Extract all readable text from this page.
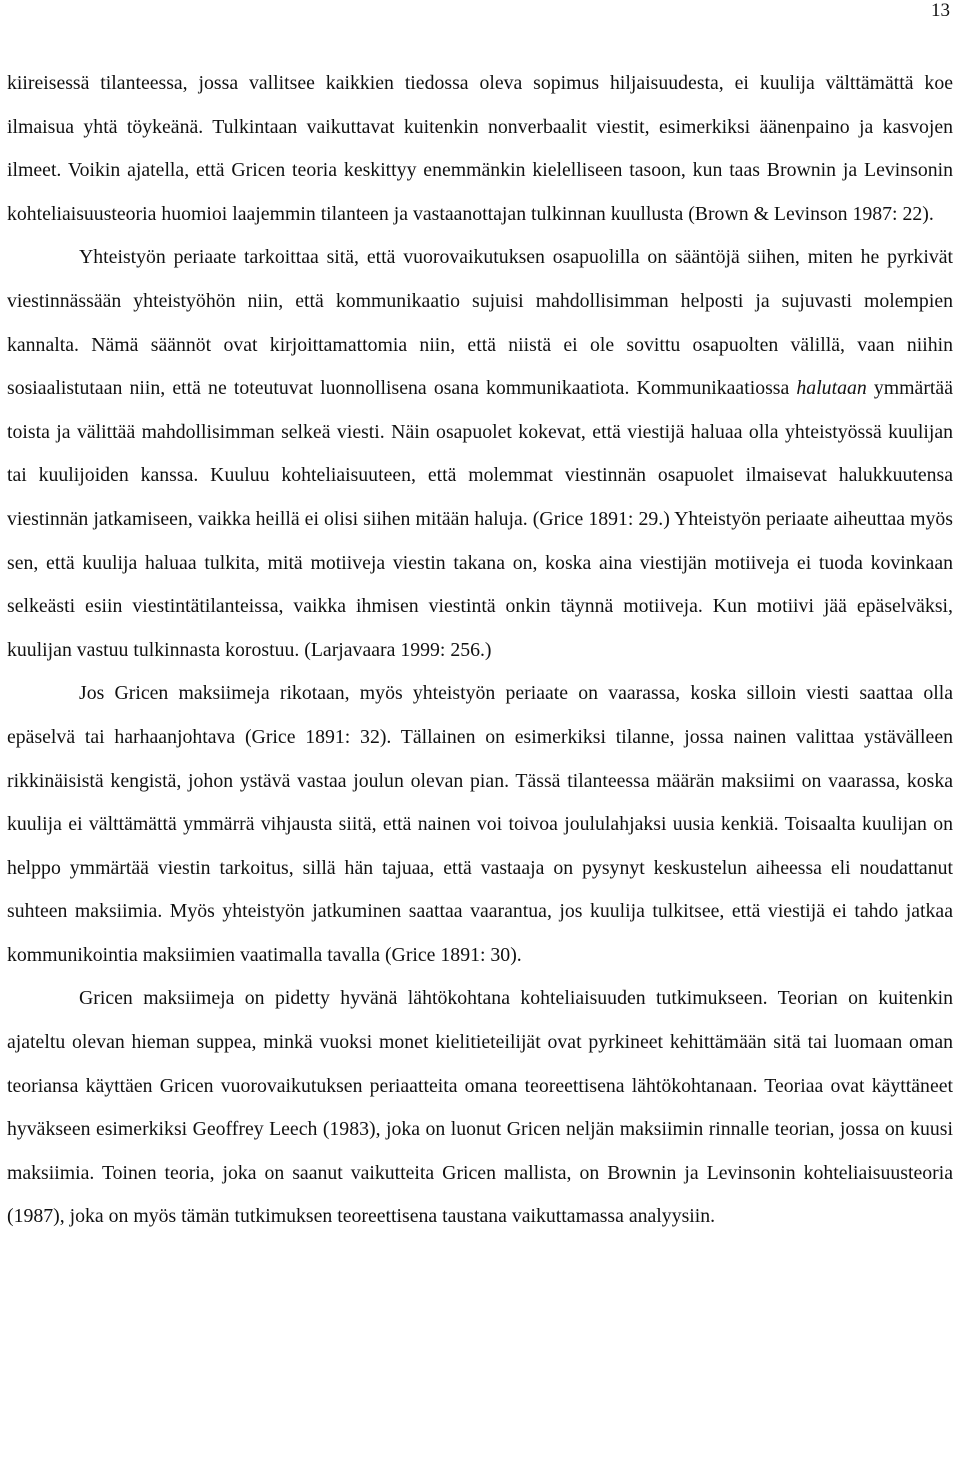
13

kiireisessä tilanteessa, jossa vallitsee kaikkien tiedossa oleva sopimus hiljaisuudesta, ei kuulija välttämättä koe ilmaisua yhtä töykeänä. Tulkintaan vaikuttavat kuitenkin nonverbaalit viestit, esimerkiksi äänenpaino ja kasvojen ilmeet. Voikin ajatella, että Gricen teoria keskittyy enemmänkin kielelliseen tasoon, kun taas Brownin ja Levinsonin kohteliaisuusteoria huomioi laajemmin tilanteen ja vastaanottajan tulkinnan kuullusta (Brown & Levinson 1987: 22).

Yhteistyön periaate tarkoittaa sitä, että vuorovaikutuksen osapuolilla on sääntöjä siihen, miten he pyrkivät viestinnässään yhteistyöhön niin, että kommunikaatio sujuisi mahdollisimman helposti ja sujuvasti molempien kannalta. Nämä säännöt ovat kirjoittamattomia niin, että niistä ei ole sovittu osapuolten välillä, vaan niihin sosiaalistutaan niin, että ne toteutuvat luonnollisena osana kommunikaatiota. Kommunikaatiossa halutaan ymmärtää toista ja välittää mahdollisimman selkeä viesti. Näin osapuolet kokevat, että viestijä haluaa olla yhteistyössä kuulijan tai kuulijoiden kanssa. Kuuluu kohteliaisuuteen, että molemmat viestinnän osapuolet ilmaisevat halukkuutensa viestinnän jatkamiseen, vaikka heillä ei olisi siihen mitään haluja. (Grice 1891: 29.) Yhteistyön periaate aiheuttaa myös sen, että kuulija haluaa tulkita, mitä motiiveja viestin takana on, koska aina viestijän motiiveja ei tuoda kovinkaan selkeästi esiin viestintätilanteissa, vaikka ihmisen viestintä onkin täynnä motiiveja. Kun motiivi jää epäselväksi, kuulijan vastuu tulkinnasta korostuu. (Larjavaara 1999: 256.)

Jos Gricen maksiimeja rikotaan, myös yhteistyön periaate on vaarassa, koska silloin viesti saattaa olla epäselvä tai harhaanjohtava (Grice 1891: 32). Tällainen on esimerkiksi tilanne, jossa nainen valittaa ystävälleen rikkinäisistä kengistä, johon ystävä vastaa joulun olevan pian. Tässä tilanteessa määrän maksiimi on vaarassa, koska kuulija ei välttämättä ymmärrä vihjausta siitä, että nainen voi toivoa joululahjaksi uusia kenkiä. Toisaalta kuulijan on helppo ymmärtää viestin tarkoitus, sillä hän tajuaa, että vastaaja on pysynyt keskustelun aiheessa eli noudattanut suhteen maksiimia. Myös yhteistyön jatkuminen saattaa vaarantua, jos kuulija tulkitsee, että viestijä ei tahdo jatkaa kommunikointia maksiimien vaatimalla tavalla (Grice 1891: 30).

Gricen maksiimeja on pidetty hyvänä lähtökohtana kohteliaisuuden tutkimukseen. Teorian on kuitenkin ajateltu olevan hieman suppea, minkä vuoksi monet kielitieteilijät ovat pyrkineet kehittämään sitä tai luomaan oman teoriansa käyttäen Gricen vuorovaikutuksen periaatteita omana teoreettisena lähtökohtanaan. Teoriaa ovat käyttäneet hyväkseen esimerkiksi Geoffrey Leech (1983), joka on luonut Gricen neljän maksiimin rinnalle teorian, jossa on kuusi maksiimia. Toinen teoria, joka on saanut vaikutteita Gricen mallista, on Brownin ja Levinsonin kohteliaisuusteoria (1987), joka on myös tämän tutkimuksen teoreettisena taustana vaikuttamassa analyysiin.
